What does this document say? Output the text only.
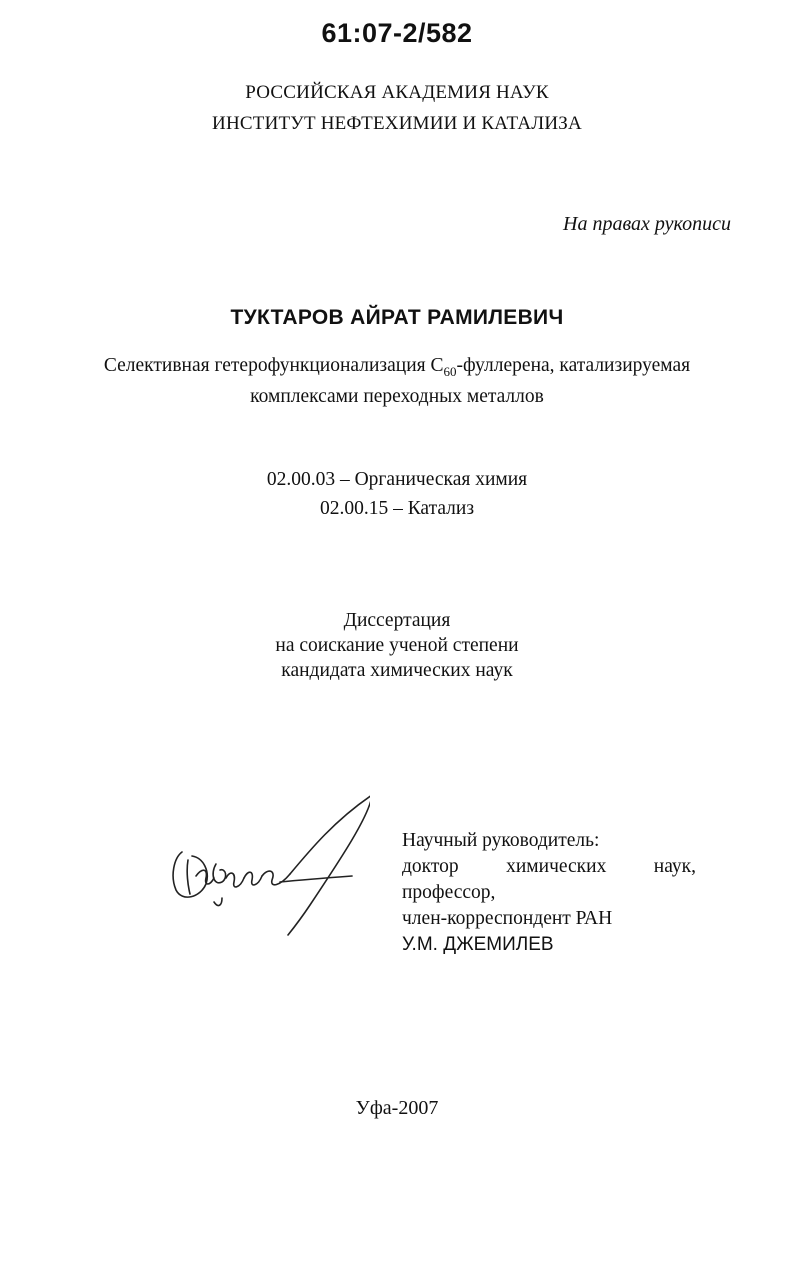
61:07-2/582
РОССИЙСКАЯ АКАДЕМИЯ НАУК
ИНСТИТУТ НЕФТЕХИМИИ И КАТАЛИЗА
На правах рукописи
ТУКТАРОВ АЙРАТ РАМИЛЕВИЧ
Селективная гетерофункционализация $C_{60}$-фуллерена, катализируемая
комплексами переходных металлов
02.00.03 – Органическая химия
02.00.15 – Катализ
Диссертация
на соискание ученой степени
кандидата химических наук
Научный руководитель:
доктор химических наук,
профессор,
член-корреспондент РАН
У.М. ДЖЕМИЛЕВ
Уфа-2007
